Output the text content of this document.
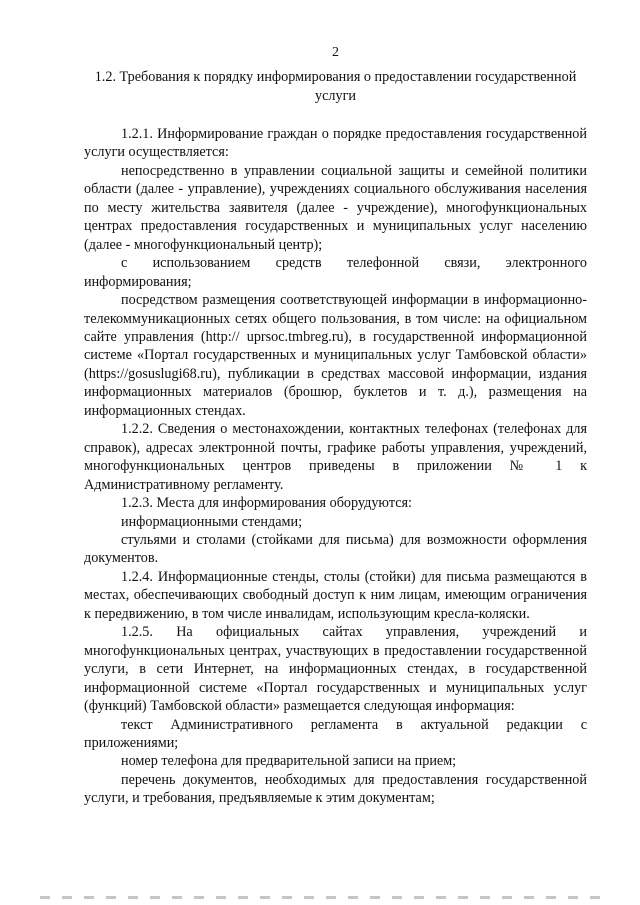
2
1.2. Требования к порядку информирования о предоставлении государственной услуги

1.2.1. Информирование граждан о порядке предоставления государственной услуги осуществляется:

непосредственно в управлении социальной защиты и семейной политики области (далее - управление), учреждениях социального обслуживания населения по месту жительства заявителя (далее - учреждение), многофункциональных центрах предоставления государственных и муниципальных услуг населению (далее - многофункциональный центр);

с использованием средств телефонной связи, электронного информирования;

посредством размещения соответствующей информации в информационно-телекоммуникационных сетях общего пользования, в том числе: на официальном сайте управления (http:// uprsoc.tmbreg.ru), в государственной информационной системе «Портал государственных и муниципальных услуг Тамбовской области» (https://gosuslugi68.ru), публикации в средствах массовой информации, издания информационных материалов (брошюр, буклетов и т. д.), размещения на информационных стендах.

1.2.2. Сведения о местонахождении, контактных телефонах (телефонах для справок), адресах электронной почты, графике работы управления, учреждений, многофункциональных центров приведены в приложении № 1 к Административному регламенту.

1.2.3. Места для информирования оборудуются:

информационными стендами;

стульями и столами (стойками для письма) для возможности оформления документов.

1.2.4. Информационные стенды, столы (стойки) для письма размещаются в местах, обеспечивающих свободный доступ к ним лицам, имеющим ограничения к передвижению, в том числе инвалидам, использующим кресла-коляски.

1.2.5. На официальных сайтах управления, учреждений и многофункциональных центрах, участвующих в предоставлении государственной услуги, в сети Интернет, на информационных стендах, в государственной информационной системе «Портал государственных и муниципальных услуг (функций) Тамбовской области» размещается следующая информация:

текст Административного регламента в актуальной редакции с приложениями;

номер телефона для предварительной записи на прием;

перечень документов, необходимых для предоставления государственной услуги, и требования, предъявляемые к этим документам;
